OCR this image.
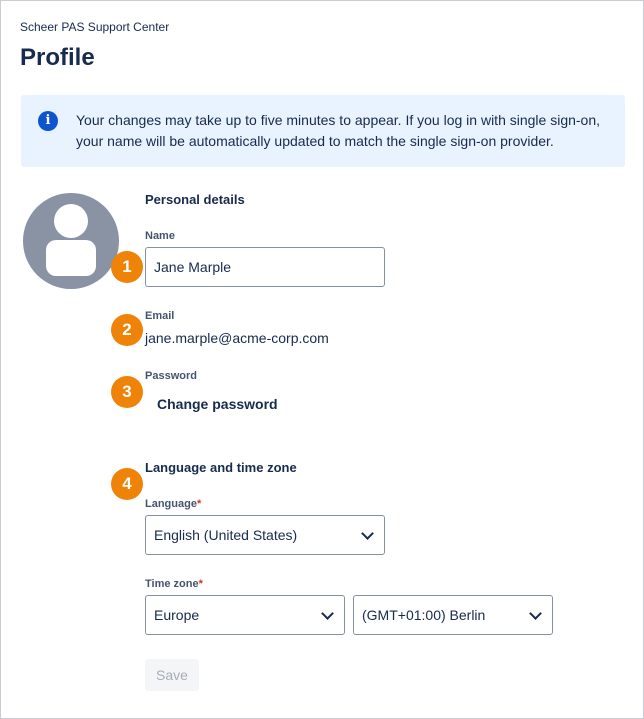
Scheer PAS Support Center
Profile
i	Your changes may take up to five minutes to appear. If you log in with single sign-on, your name will be automatically updated to match the single sign-on provider.
Personal details
Name
Jane Marple
Email
jane.marple@acme-corp.com
Password
Change password
Language and time zone
Language*
English (United States)
Time zone*
Europe	(GMT+01:00) Berlin
Save
1
2
3
4
